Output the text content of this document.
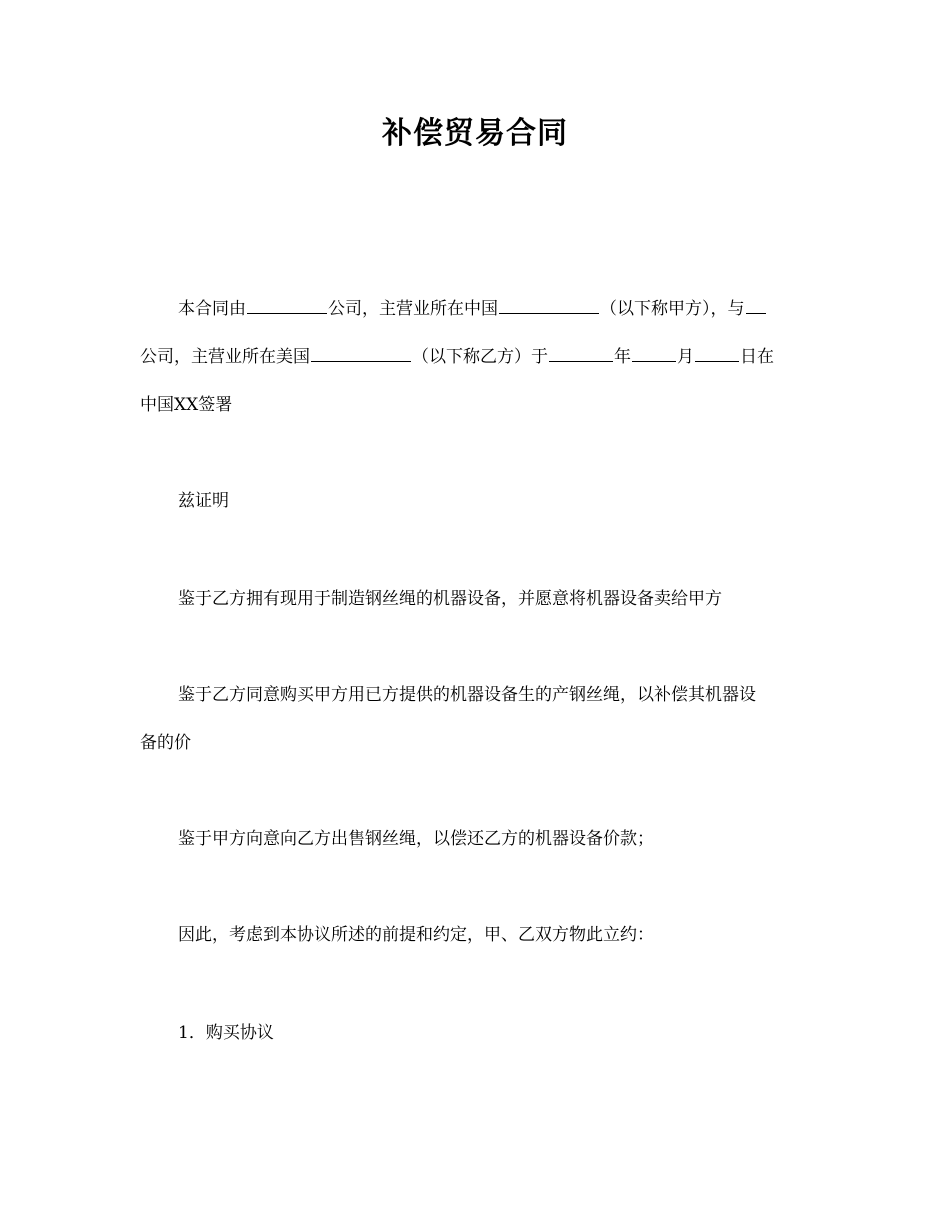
补偿贸易合同
本合同由	公司，主营业所在中国	（以下称甲方），与
公司，主营业所在美国	（以下称乙方）于	年	月	日在
中国XX签署
兹证明
鉴于乙方拥有现用于制造钢丝绳的机器设备，并愿意将机器设备卖给甲方
鉴于乙方同意购买甲方用已方提供的机器设备生的产钢丝绳，以补偿其机器设
备的价
鉴于甲方向意向乙方出售钢丝绳，以偿还乙方的机器设备价款；
因此，考虑到本协议所述的前提和约定，甲、乙双方物此立约：
1．购买协议
